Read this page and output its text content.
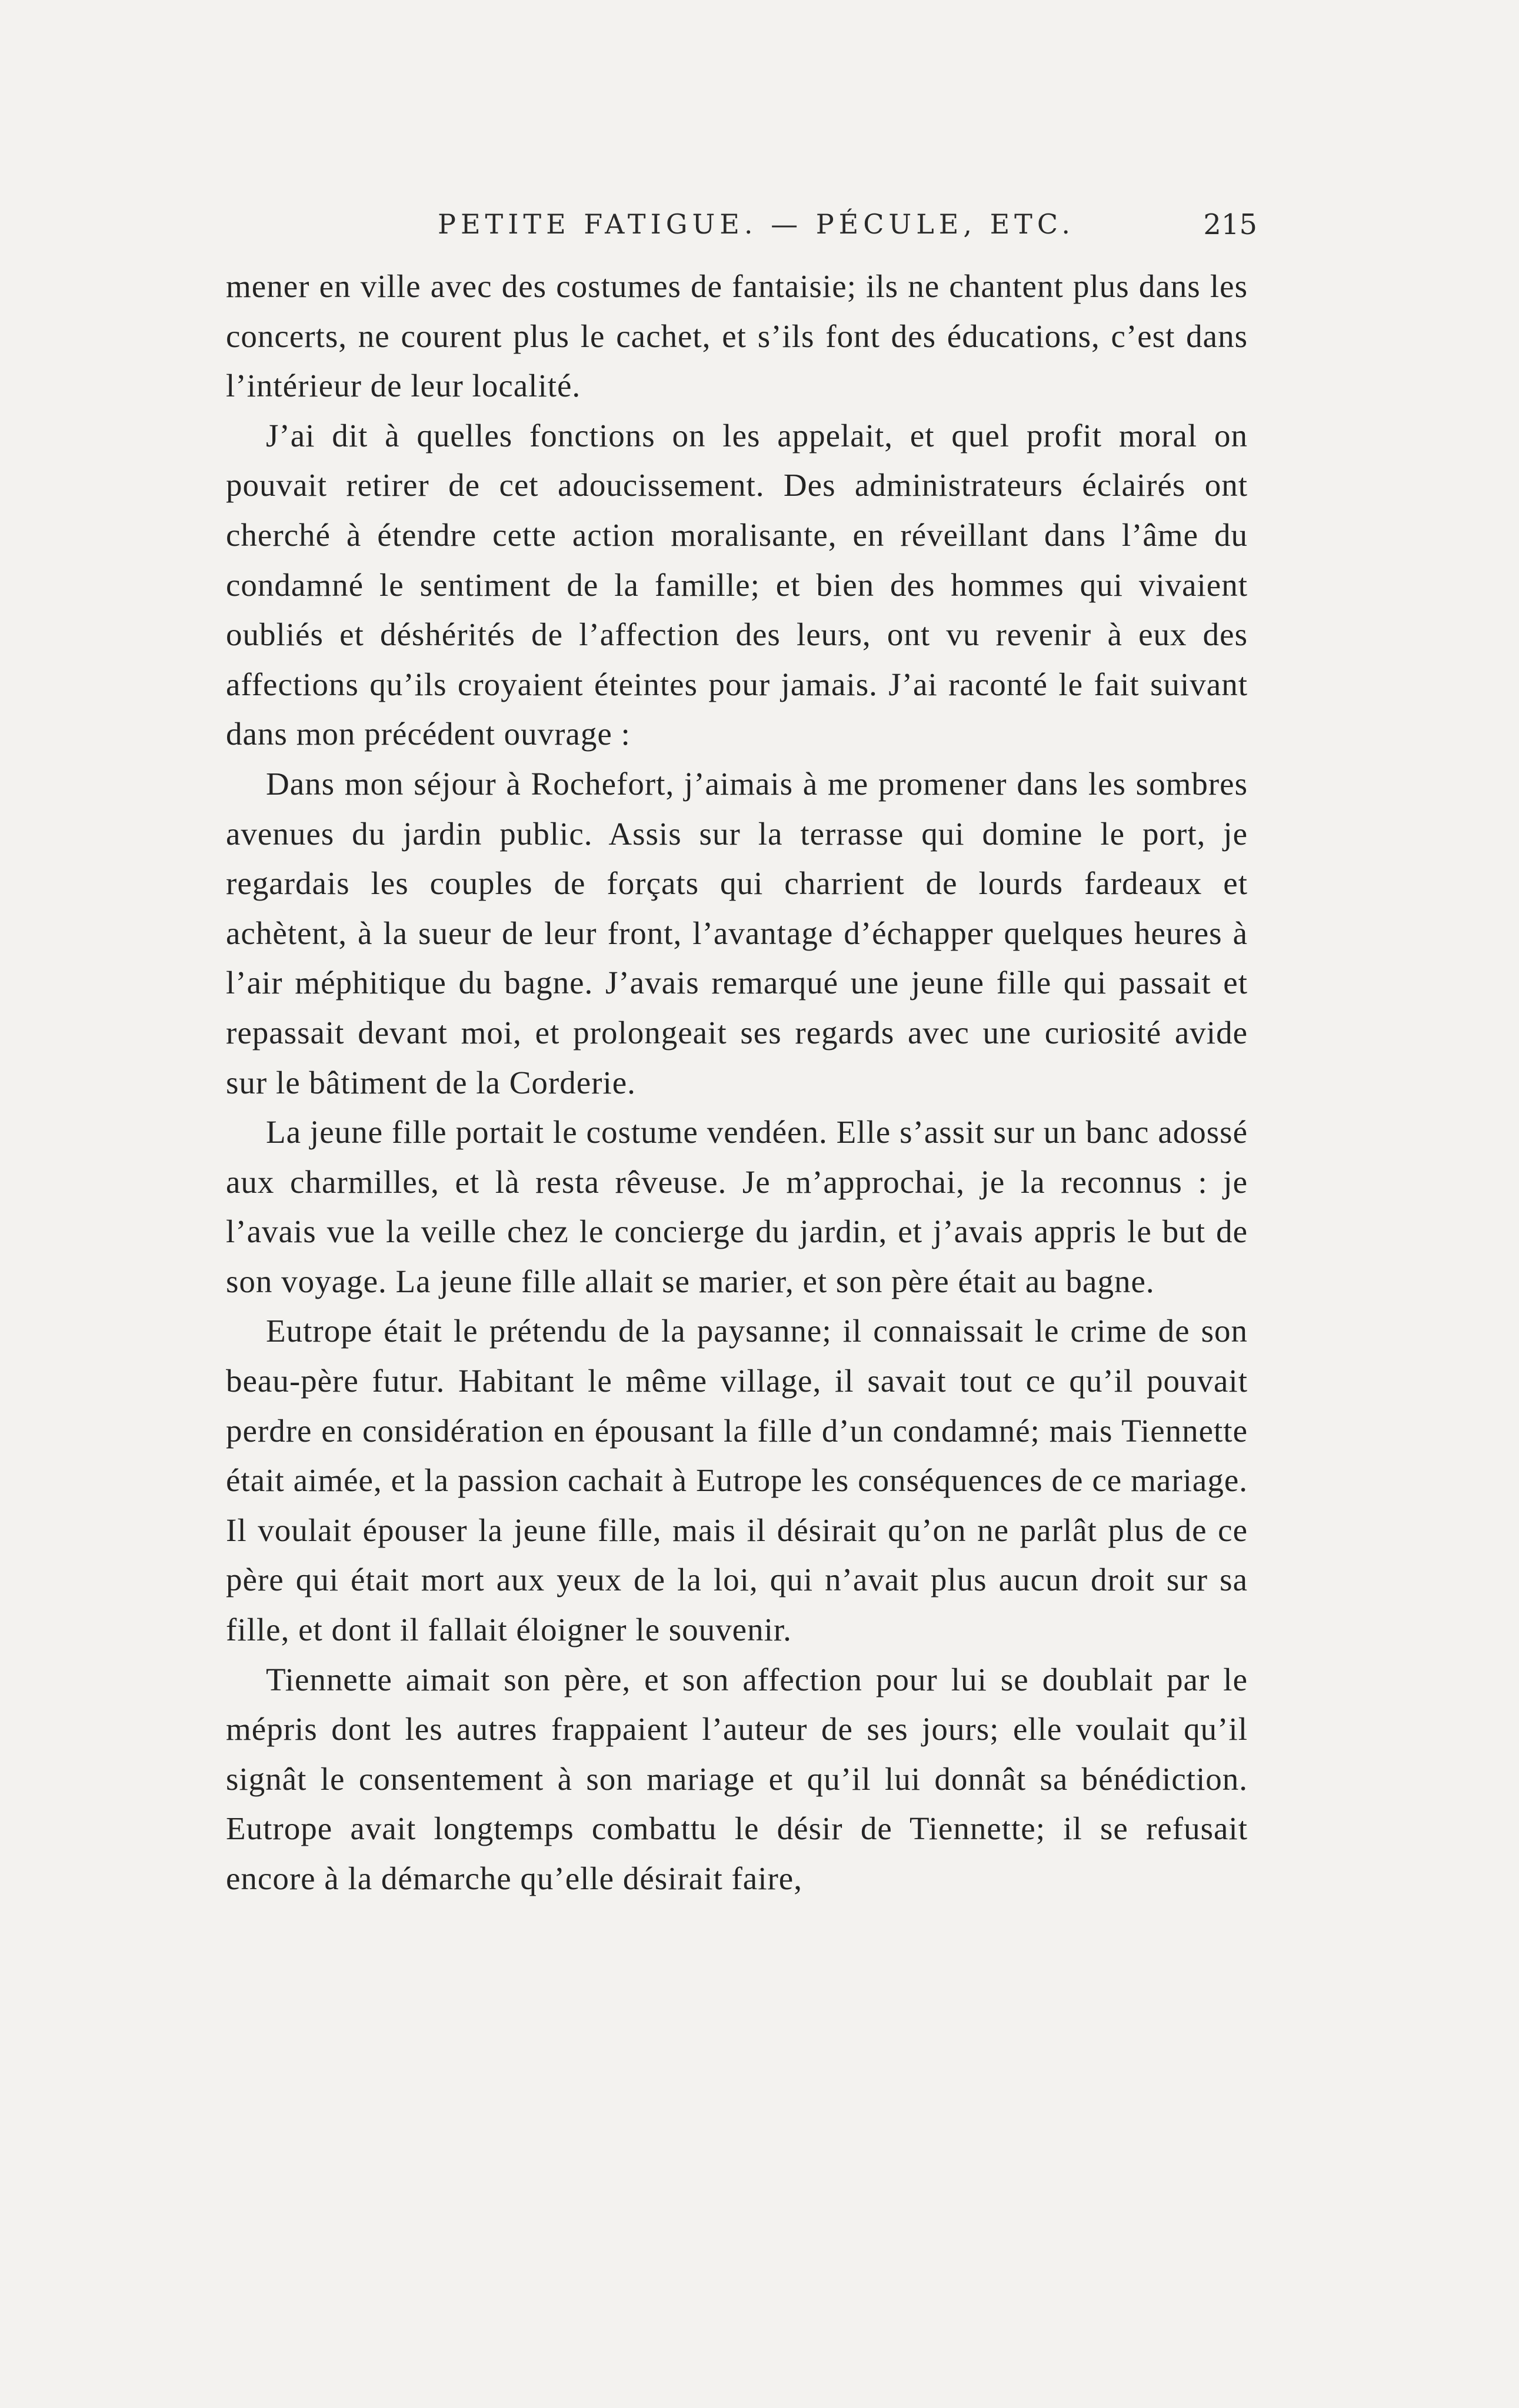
PETITE FATIGUE. — PÉCULE, ETC.	215

mener en ville avec des costumes de fantaisie; ils ne chantent plus dans les concerts, ne courent plus le cachet, et s’ils font des éducations, c’est dans l’intérieur de leur localité.

J’ai dit à quelles fonctions on les appelait, et quel profit moral on pouvait retirer de cet adoucissement. Des administrateurs éclairés ont cherché à étendre cette action moralisante, en réveillant dans l’âme du condamné le sentiment de la famille; et bien des hommes qui vivaient oubliés et déshérités de l’affection des leurs, ont vu revenir à eux des affections qu’ils croyaient éteintes pour jamais. J’ai raconté le fait suivant dans mon précédent ouvrage :

Dans mon séjour à Rochefort, j’aimais à me promener dans les sombres avenues du jardin public. Assis sur la terrasse qui domine le port, je regardais les couples de forçats qui charrient de lourds fardeaux et achètent, à la sueur de leur front, l’avantage d’échapper quelques heures à l’air méphitique du bagne. J’avais remarqué une jeune fille qui passait et repassait devant moi, et prolongeait ses regards avec une curiosité avide sur le bâtiment de la Corderie.

La jeune fille portait le costume vendéen. Elle s’assit sur un banc adossé aux charmilles, et là resta rêveuse. Je m’approchai, je la reconnus : je l’avais vue la veille chez le concierge du jardin, et j’avais appris le but de son voyage. La jeune fille allait se marier, et son père était au bagne.

Eutrope était le prétendu de la paysanne; il connaissait le crime de son beau-père futur. Habitant le même village, il savait tout ce qu’il pouvait perdre en considération en épousant la fille d’un condamné; mais Tiennette était aimée, et la passion cachait à Eutrope les conséquences de ce mariage. Il voulait épouser la jeune fille, mais il désirait qu’on ne parlât plus de ce père qui était mort aux yeux de la loi, qui n’avait plus aucun droit sur sa fille, et dont il fallait éloigner le souvenir.

Tiennette aimait son père, et son affection pour lui se doublait par le mépris dont les autres frappaient l’auteur de ses jours; elle voulait qu’il signât le consentement à son mariage et qu’il lui donnât sa bénédiction. Eutrope avait longtemps combattu le désir de Tiennette; il se refusait encore à la démarche qu’elle désirait faire,
